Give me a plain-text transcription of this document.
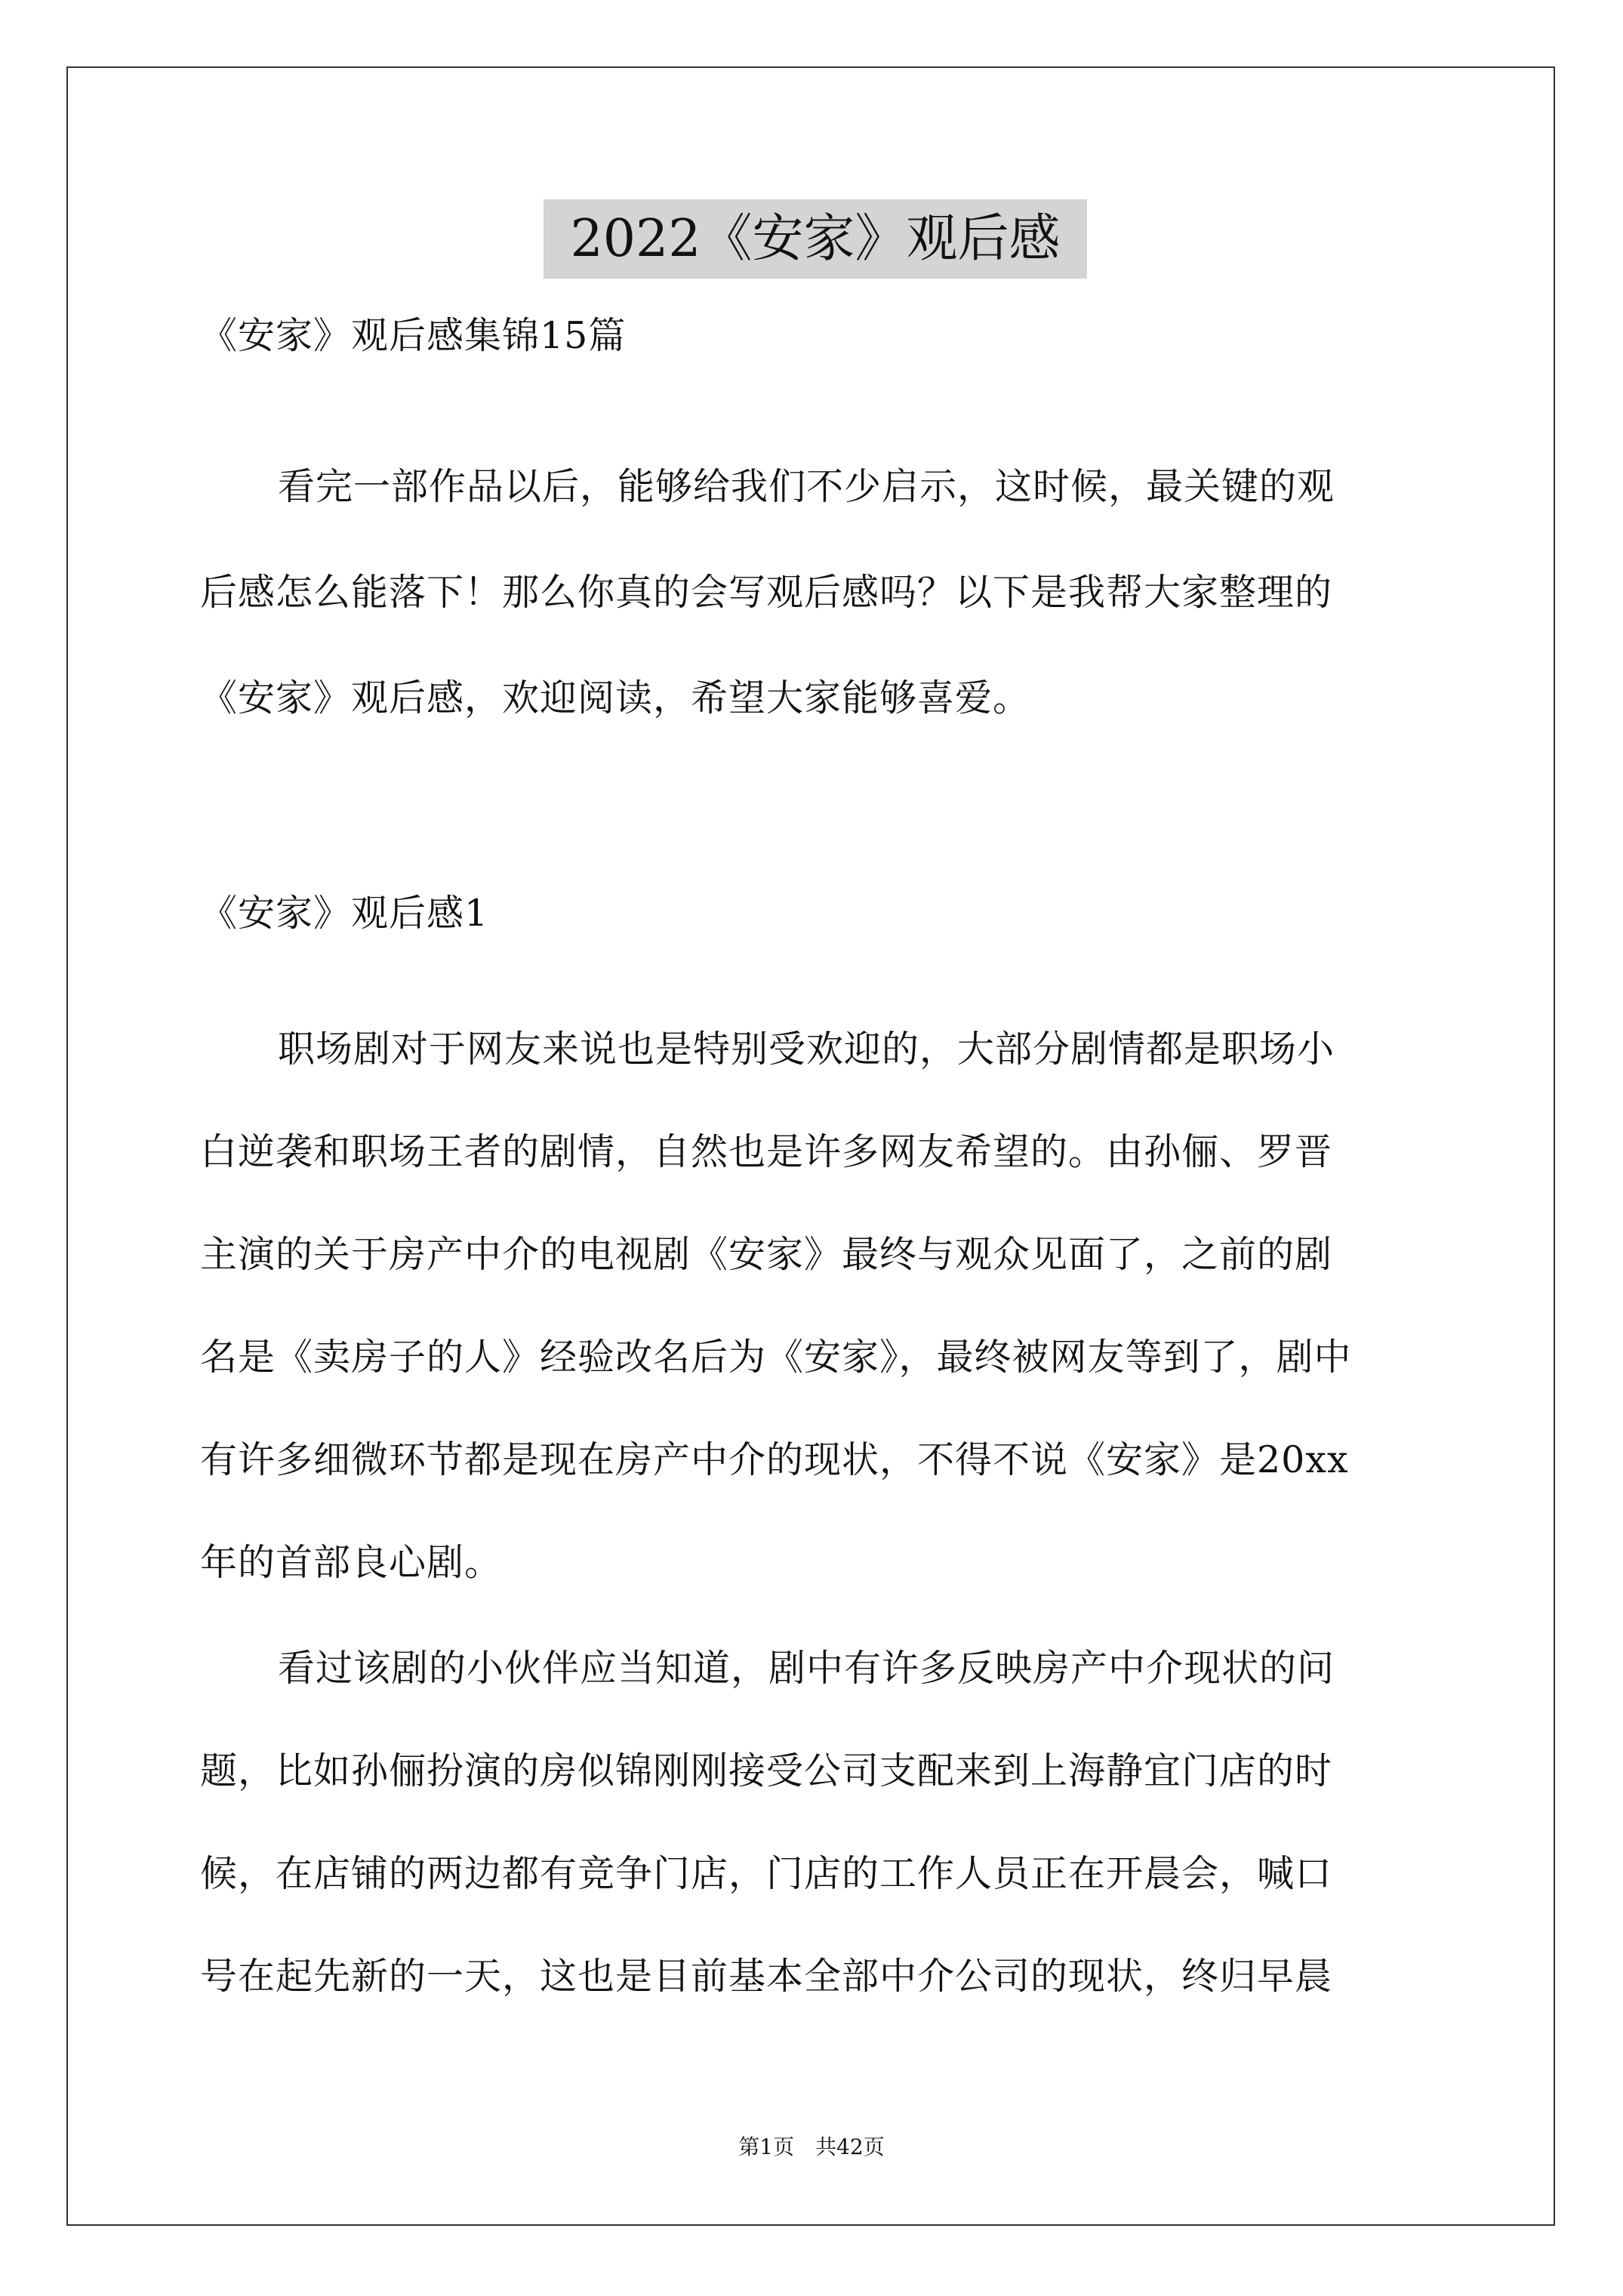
2022《安家》观后感
《安家》观后感集锦15篇
看完一部作品以后，能够给我们不少启示，这时候，最关键的观
后感怎么能落下！那么你真的会写观后感吗？以下是我帮大家整理的
《安家》观后感，欢迎阅读，希望大家能够喜爱。
《安家》观后感1
职场剧对于网友来说也是特别受欢迎的，大部分剧情都是职场小
白逆袭和职场王者的剧情，自然也是许多网友希望的。由孙俪、罗晋
主演的关于房产中介的电视剧《安家》最终与观众见面了，之前的剧
名是《卖房子的人》经验改名后为《安家》，最终被网友等到了，剧中
有许多细微环节都是现在房产中介的现状，不得不说《安家》是20xx
年的首部良心剧。
看过该剧的小伙伴应当知道，剧中有许多反映房产中介现状的问
题，比如孙俪扮演的房似锦刚刚接受公司支配来到上海静宜门店的时
候，在店铺的两边都有竞争门店，门店的工作人员正在开晨会，喊口
号在起先新的一天，这也是目前基本全部中介公司的现状，终归早晨
第1页 共42页
